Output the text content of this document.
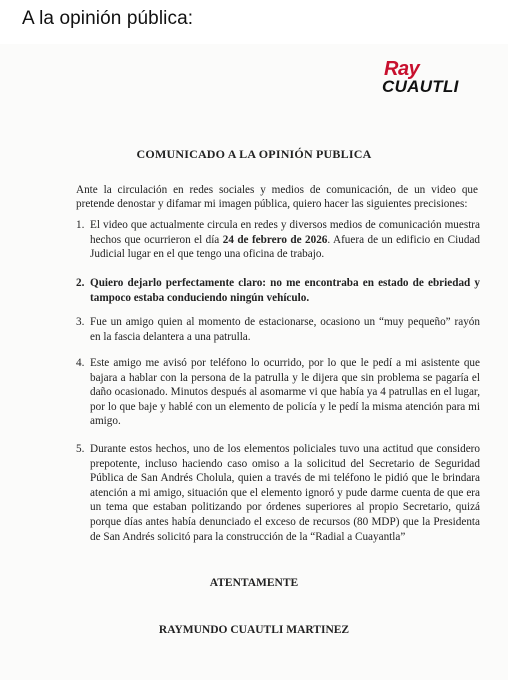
A la opinión pública:
Ray
CUAUTLI
COMUNICADO A LA OPINIÓN PUBLICA
Ante la circulación en redes sociales y medios de comunicación, de un video que pretende denostar y difamar mi imagen pública, quiero hacer las siguientes precisiones:
1. El video que actualmente circula en redes y diversos medios de comunicación muestra hechos que ocurrieron el día 24 de febrero de 2026. Afuera de un edificio en Ciudad Judicial lugar en el que tengo una oficina de trabajo.
2. Quiero dejarlo perfectamente claro: no me encontraba en estado de ebriedad y tampoco estaba conduciendo ningún vehículo.
3. Fue un amigo quien al momento de estacionarse, ocasiono un “muy pequeño” rayón en la fascia delantera a una patrulla.
4. Este amigo me avisó por teléfono lo ocurrido, por lo que le pedí a mi asistente que bajara a hablar con la persona de la patrulla y le dijera que sin problema se pagaría el daño ocasionado. Minutos después al asomarme vi que había ya 4 patrullas en el lugar, por lo que baje y hablé con un elemento de policía y le pedí la misma atención para mi amigo.
5. Durante estos hechos, uno de los elementos policiales tuvo una actitud que considero prepotente, incluso haciendo caso omiso a la solicitud del Secretario de Seguridad Pública de San Andrés Cholula, quien a través de mi teléfono le pidió que le brindara atención a mi amigo, situación que el elemento ignoró y pude darme cuenta de que era un tema que estaban politizando por órdenes superiores al propio Secretario, quizá porque días antes había denunciado el exceso de recursos (80 MDP) que la Presidenta de San Andrés solicitó para la construcción de la “Radial a Cuayantla”
ATENTAMENTE
RAYMUNDO CUAUTLI MARTINEZ
